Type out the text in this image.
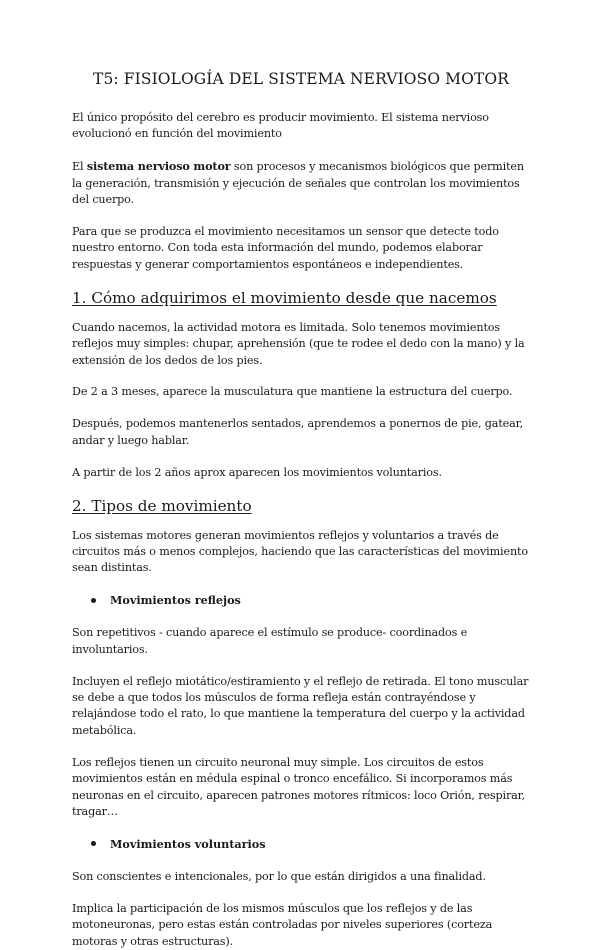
T5: FISIOLOGÍA DEL SISTEMA NERVIOSO MOTOR

El único propósito del cerebro es producir movimiento. El sistema nervioso evolucionó en función del movimiento

El sistema nervioso motor son procesos y mecanismos biológicos que permiten la generación, transmisión y ejecución de señales que controlan los movimientos del cuerpo.

Para que se produzca el movimiento necesitamos un sensor que detecte todo nuestro entorno. Con toda esta información del mundo, podemos elaborar respuestas y generar comportamientos espontáneos e independientes.

1. Cómo adquirimos el movimiento desde que nacemos

Cuando nacemos, la actividad motora es limitada. Solo tenemos movimientos reflejos muy simples: chupar, aprehensión (que te rodee el dedo con la mano) y la extensión de los dedos de los pies.

De 2 a 3 meses, aparece la musculatura que mantiene la estructura del cuerpo.

Después, podemos mantenerlos sentados, aprendemos a ponernos de pie, gatear, andar y luego hablar.

A partir de los 2 años aprox aparecen los movimientos voluntarios.

2. Tipos de movimiento

Los sistemas motores generan movimientos reflejos y voluntarios a través de circuitos más o menos complejos, haciendo que las características del movimiento sean distintas.

Movimientos reflejos

Son repetitivos - cuando aparece el estímulo se produce- coordinados e involuntarios.

Incluyen el reflejo miotático/estiramiento y el reflejo de retirada. El tono muscular se debe a que todos los músculos de forma refleja están contrayéndose y relajándose todo el rato, lo que mantiene la temperatura del cuerpo y la actividad metabólica.

Los reflejos tienen un circuito neuronal muy simple. Los circuitos de estos movimientos están en médula espinal o tronco encefálico. Si incorporamos más neuronas en el circuito, aparecen patrones motores rítmicos: loco Orión, respirar, tragar…

Movimientos voluntarios

Son conscientes e intencionales, por lo que están dirigidos a una finalidad.

Implica la participación de los mismos músculos que los reflejos y de las motoneuronas, pero estas están controladas por niveles superiores (corteza motoras y otras estructuras).
